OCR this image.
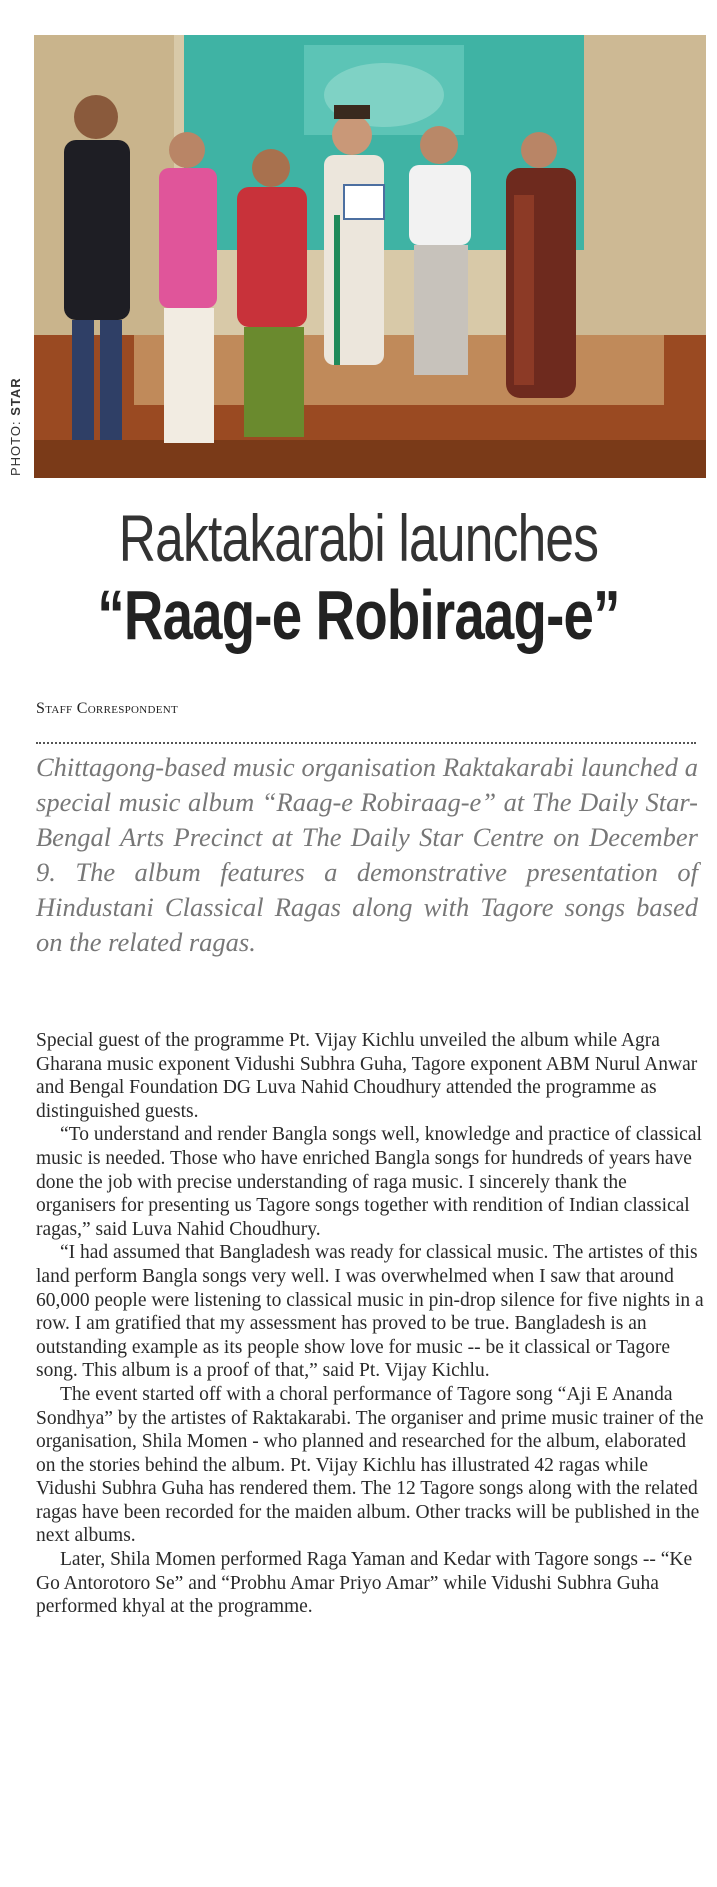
PHOTO: STAR
Raktakarabi launches
“Raag-e Robiraag-e”
Staff Correspondent
Chittagong-based music organisation Raktakarabi launched a special music album “Raag-e Robiraag-e” at The Daily Star-Bengal Arts Precinct at The Daily Star Centre on December 9. The album features a demonstrative presentation of Hindustani Classical Ragas along with Tagore songs based on the related ragas.

Special guest of the programme Pt. Vijay Kichlu unveiled the album while Agra Gharana music exponent Vidushi Subhra Guha, Tagore exponent ABM Nurul Anwar and Bengal Foundation DG Luva Nahid Choudhury attended the programme as distinguished guests.

“To understand and render Bangla songs well, knowledge and practice of classical music is needed. Those who have enriched Bangla songs for hundreds of years have done the job with precise understanding of raga music. I sincerely thank the organisers for presenting us Tagore songs together with rendition of Indian classical ragas,” said Luva Nahid Choudhury.

“I had assumed that Bangladesh was ready for classical music. The artistes of this land perform Bangla songs very well. I was overwhelmed when I saw that around 60,000 people were listening to classical music in pin-drop silence for five nights in a row. I am gratified that my assessment has proved to be true. Bangladesh is an outstanding example as its people show love for music -- be it classical or Tagore song. This album is a proof of that,” said Pt. Vijay Kichlu.

The event started off with a choral performance of Tagore song “Aji E Ananda Sondhya” by the artistes of Raktakarabi. The organiser and prime music trainer of the organisation, Shila Momen - who planned and researched for the album, elaborated on the stories behind the album. Pt. Vijay Kichlu has illustrated 42 ragas while Vidushi Subhra Guha has rendered them. The 12 Tagore songs along with the related ragas have been recorded for the maiden album. Other tracks will be published in the next albums.

Later, Shila Momen performed Raga Yaman and Kedar with Tagore songs -- “Ke Go Antorotoro Se” and “Probhu Amar Priyo Amar” while Vidushi Subhra Guha performed khyal at the programme.
